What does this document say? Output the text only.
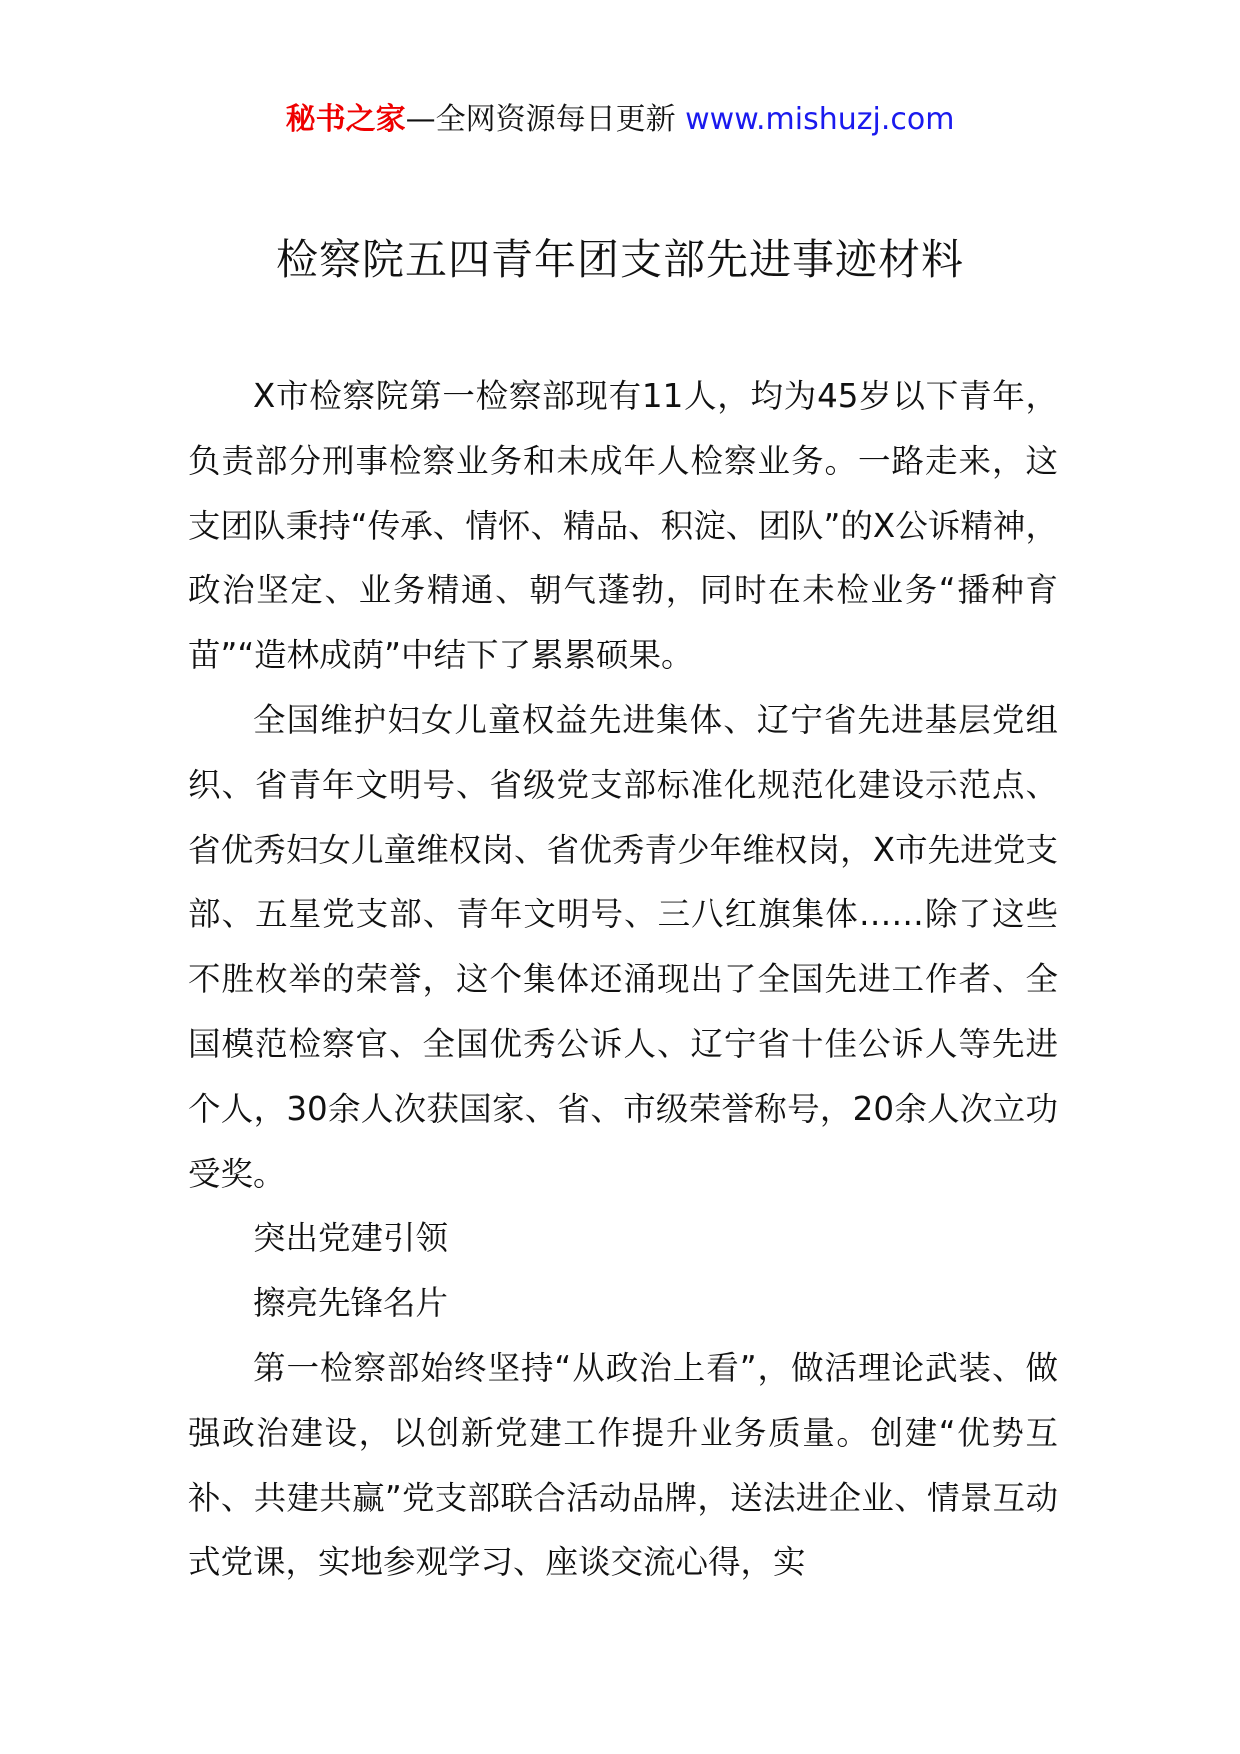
秘书之家—全网资源每日更新 www.mishuzj.com
检察院五四青年团支部先进事迹材料

X市检察院第一检察部现有11人，均为45岁以下青年，负责部分刑事检察业务和未成年人检察业务。一路走来，这支团队秉持“传承、情怀、精品、积淀、团队”的X公诉精神，政治坚定、业务精通、朝气蓬勃，同时在未检业务“播种育苗”“造林成荫”中结下了累累硕果。

全国维护妇女儿童权益先进集体、辽宁省先进基层党组织、省青年文明号、省级党支部标准化规范化建设示范点、省优秀妇女儿童维权岗、省优秀青少年维权岗，X市先进党支部、五星党支部、青年文明号、三八红旗集体……除了这些不胜枚举的荣誉，这个集体还涌现出了全国先进工作者、全国模范检察官、全国优秀公诉人、辽宁省十佳公诉人等先进个人，30余人次获国家、省、市级荣誉称号，20余人次立功受奖。

突出党建引领

擦亮先锋名片

第一检察部始终坚持“从政治上看”，做活理论武装、做强政治建设，以创新党建工作提升业务质量。创建“优势互补、共建共赢”党支部联合活动品牌，送法进企业、情景互动式党课，实地参观学习、座谈交流心得，实
